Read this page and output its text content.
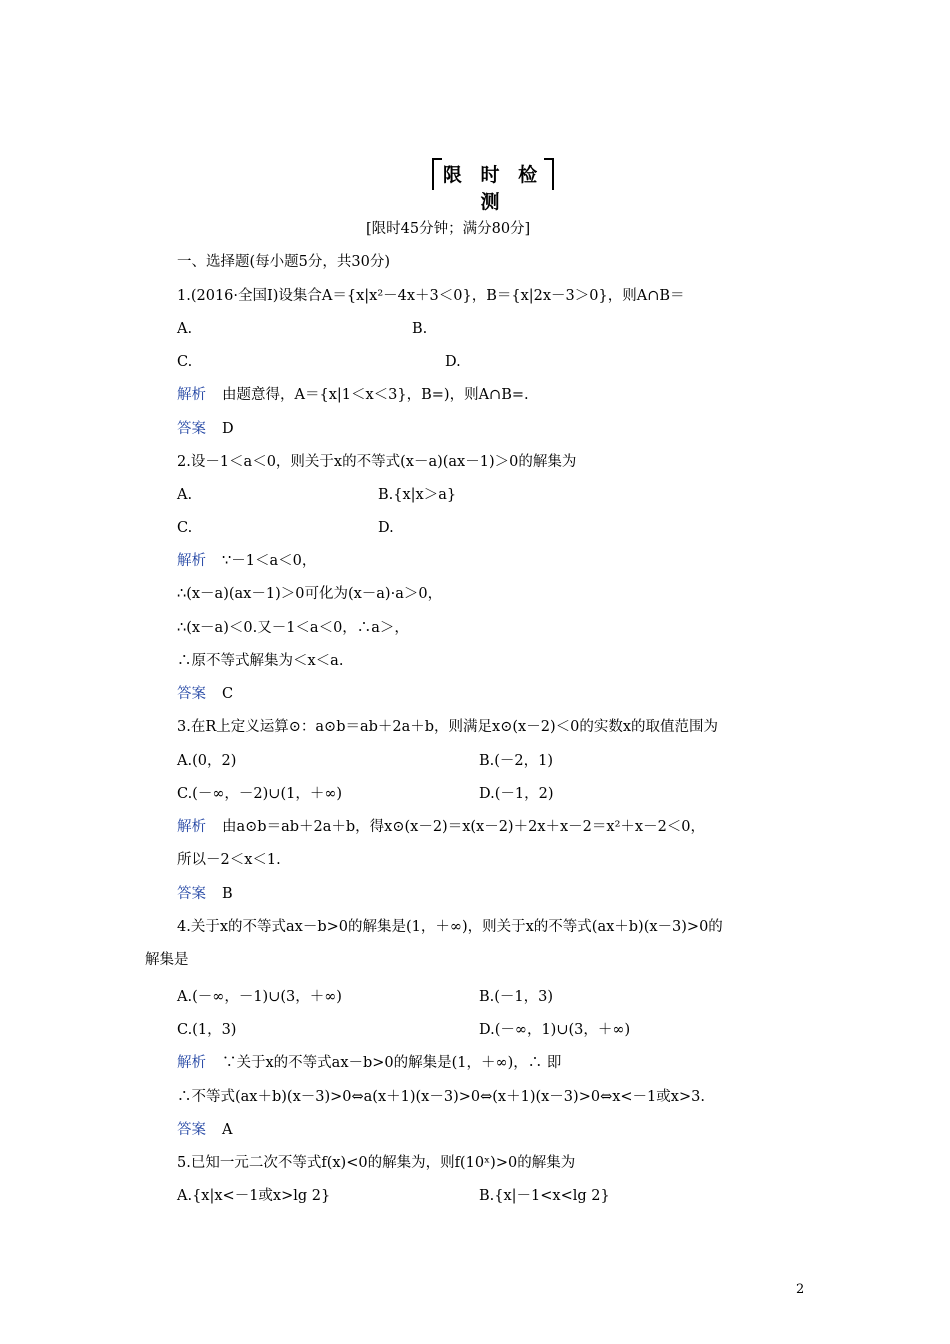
限 时 检 测
[限时45分钟；满分80分]
一、选择题(每小题5分，共30分)
1.(2016·全国Ⅰ)设集合A＝{x|x²－4x＋3＜0}，B＝{x|2x－3＞0}，则A∩B＝
A.	B.
C.	D.
解析 由题意得，A＝{x|1＜x＜3}，B=)，则A∩B=.
答案 D
2.设－1＜a＜0，则关于x的不等式(x－a)(ax－1)＞0的解集为
A.	B.{x|x＞a}
C.	D.
解析 ∵－1＜a＜0，
∴(x－a)(ax－1)＞0可化为(x－a)·a＞0，
∴(x－a)＜0.又－1＜a＜0，∴a＞，
∴原不等式解集为＜x＜a.
答案 C
3.在R上定义运算⊙：a⊙b＝ab＋2a＋b，则满足x⊙(x－2)＜0的实数x的取值范围为
A.(0，2)	B.(－2，1)
C.(－∞，－2)∪(1，＋∞)	D.(－1，2)
解析 由a⊙b＝ab＋2a＋b，得x⊙(x－2)＝x(x－2)＋2x＋x－2＝x²＋x－2＜0，
所以－2＜x＜1.
答案 B
4.关于x的不等式ax－b>0的解集是(1，＋∞)，则关于x的不等式(ax＋b)(x－3)>0的
解集是
A.(－∞，－1)∪(3，＋∞)	B.(－1，3)
C.(1，3)	D.(－∞，1)∪(3，＋∞)
解析 ∵关于x的不等式ax－b>0的解集是(1，＋∞)，∴ 即
∴不等式(ax＋b)(x－3)>0⇔a(x＋1)(x－3)>0⇔(x＋1)(x－3)>0⇔x<－1或x>3.
答案 A
5.已知一元二次不等式f(x)<0的解集为，则f(10ˣ)>0的解集为
A.{x|x<－1或x>lg 2}	B.{x|－1<x<lg 2}
2
